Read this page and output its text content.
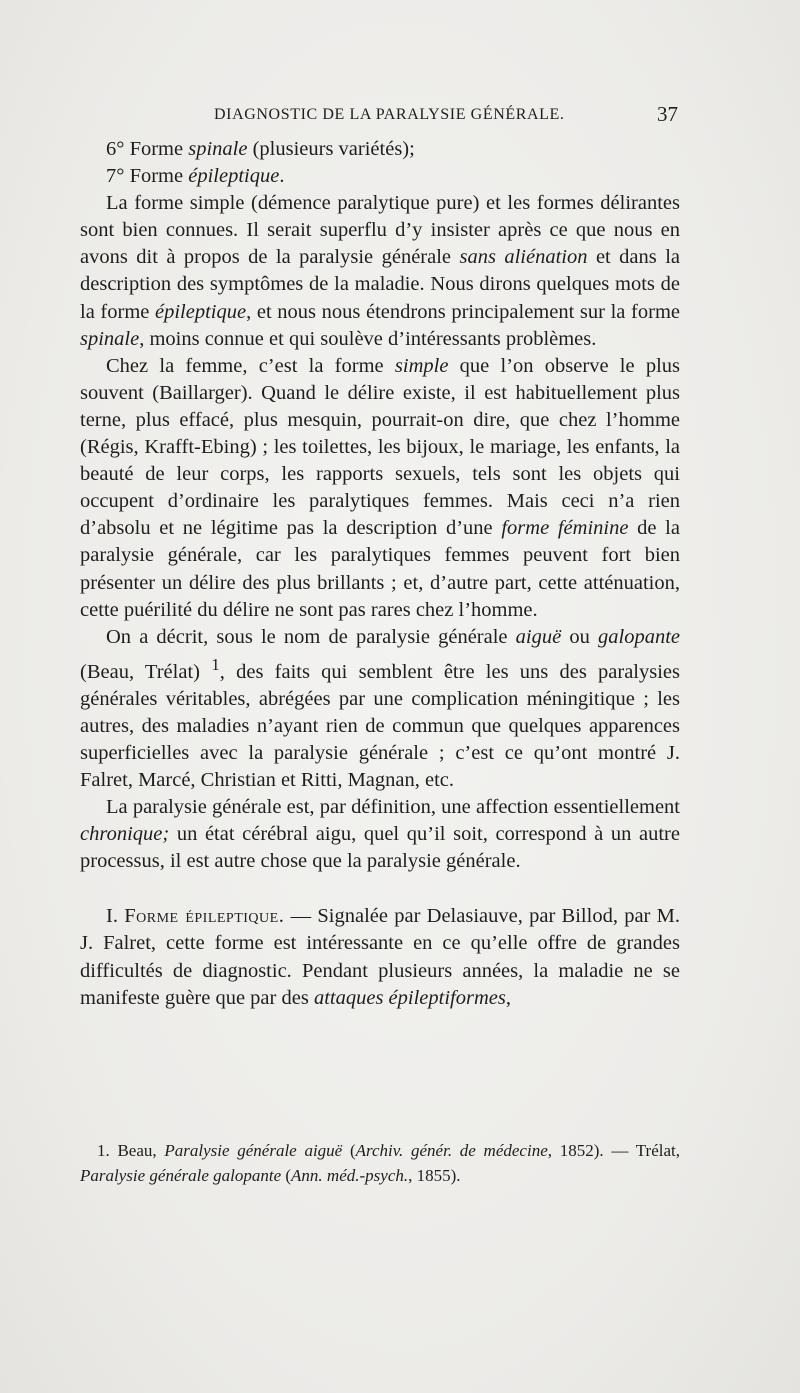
DIAGNOSTIC DE LA PARALYSIE GÉNÉRALE.	37

6° Forme spinale (plusieurs variétés);

7° Forme épileptique.

La forme simple (démence paralytique pure) et les formes délirantes sont bien connues. Il serait superflu d’y insister après ce que nous en avons dit à propos de la paralysie générale sans aliénation et dans la description des symptômes de la maladie. Nous dirons quelques mots de la forme épileptique, et nous nous étendrons principalement sur la forme spinale, moins connue et qui soulève d’intéressants problèmes.

Chez la femme, c’est la forme simple que l’on observe le plus souvent (Baillarger). Quand le délire existe, il est habituellement plus terne, plus effacé, plus mesquin, pourrait-on dire, que chez l’homme (Régis, Krafft-Ebing) ; les toilettes, les bijoux, le mariage, les enfants, la beauté de leur corps, les rapports sexuels, tels sont les objets qui occupent d’ordinaire les paralytiques femmes. Mais ceci n’a rien d’absolu et ne légitime pas la description d’une forme féminine de la paralysie générale, car les paralytiques femmes peuvent fort bien présenter un délire des plus brillants ; et, d’autre part, cette atténuation, cette puérilité du délire ne sont pas rares chez l’homme.

On a décrit, sous le nom de paralysie générale aiguë ou galopante (Beau, Trélat) $^1$, des faits qui semblent être les uns des paralysies générales véritables, abrégées par une complication méningitique ; les autres, des maladies n’ayant rien de commun que quelques apparences superficielles avec la paralysie générale ; c’est ce qu’ont montré J. Falret, Marcé, Christian et Ritti, Magnan, etc.

La paralysie générale est, par définition, une affection essentiellement chronique; un état cérébral aigu, quel qu’il soit, correspond à un autre processus, il est autre chose que la paralysie générale.

I. Forme épileptique. — Signalée par Delasiauve, par Billod, par M. J. Falret, cette forme est intéressante en ce qu’elle offre de grandes difficultés de diagnostic. Pendant plusieurs années, la maladie ne se manifeste guère que par des attaques épileptiformes,

 1. Beau, Paralysie générale aiguë (Archiv. génér. de médecine, 1852). — Trélat, Paralysie générale galopante (Ann. méd.-psych., 1855).
